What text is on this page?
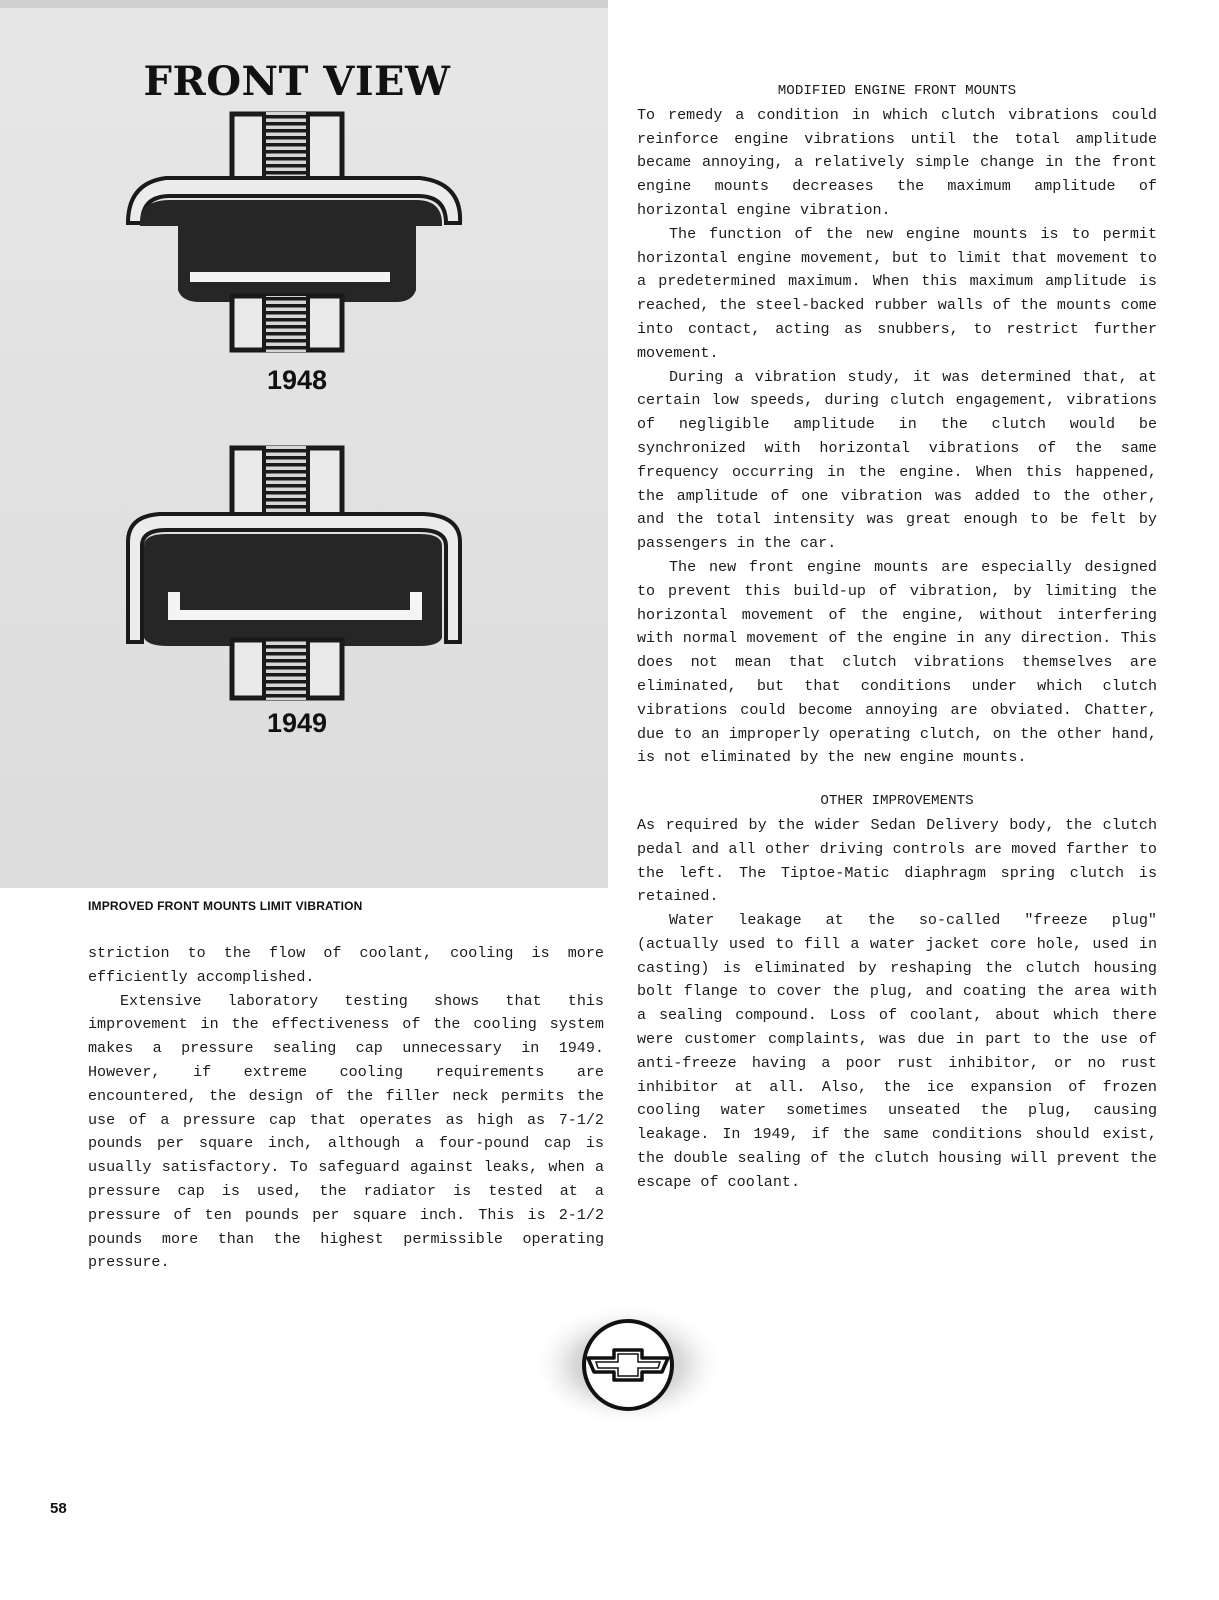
FRONT VIEW
1948
1949
IMPROVED FRONT MOUNTS LIMIT VIBRATION

striction to the flow of coolant, cooling is more efficiently accomplished.

Extensive laboratory testing shows that this improvement in the effectiveness of the cooling system makes a pressure sealing cap unnecessary in 1949. However, if extreme cooling requirements are encountered, the design of the filler neck permits the use of a pressure cap that operates as high as 7-1/2 pounds per square inch, although a four-pound cap is usually satisfactory. To safeguard against leaks, when a pressure cap is used, the radiator is tested at a pressure of ten pounds per square inch. This is 2-1/2 pounds more than the highest permissible operating pressure.

MODIFIED ENGINE FRONT MOUNTS

To remedy a condition in which clutch vibrations could reinforce engine vibrations until the total amplitude became annoying, a relatively simple change in the front engine mounts decreases the maximum amplitude of horizontal engine vibration.

The function of the new engine mounts is to permit horizontal engine movement, but to limit that movement to a predetermined maximum. When this maximum amplitude is reached, the steel-backed rubber walls of the mounts come into contact, acting as snubbers, to restrict further movement.

During a vibration study, it was determined that, at certain low speeds, during clutch engagement, vibrations of negligible amplitude in the clutch would be synchronized with horizontal vibrations of the same frequency occurring in the engine. When this happened, the amplitude of one vibration was added to the other, and the total intensity was great enough to be felt by passengers in the car.

The new front engine mounts are especially designed to prevent this build-up of vibration, by limiting the horizontal movement of the engine, without interfering with normal movement of the engine in any direction. This does not mean that clutch vibrations themselves are eliminated, but that conditions under which clutch vibrations could become annoying are obviated. Chatter, due to an improperly operating clutch, on the other hand, is not eliminated by the new engine mounts.

OTHER IMPROVEMENTS

As required by the wider Sedan Delivery body, the clutch pedal and all other driving controls are moved farther to the left. The Tiptoe-Matic diaphragm spring clutch is retained.

Water leakage at the so-called "freeze plug" (actually used to fill a water jacket core hole, used in casting) is eliminated by reshaping the clutch housing bolt flange to cover the plug, and coating the area with a sealing compound. Loss of coolant, about which there were customer complaints, was due in part to the use of anti-freeze having a poor rust inhibitor, or no rust inhibitor at all. Also, the ice expansion of frozen cooling water sometimes unseated the plug, causing leakage. In 1949, if the same conditions should exist, the double sealing of the clutch housing will prevent the escape of coolant.

58
